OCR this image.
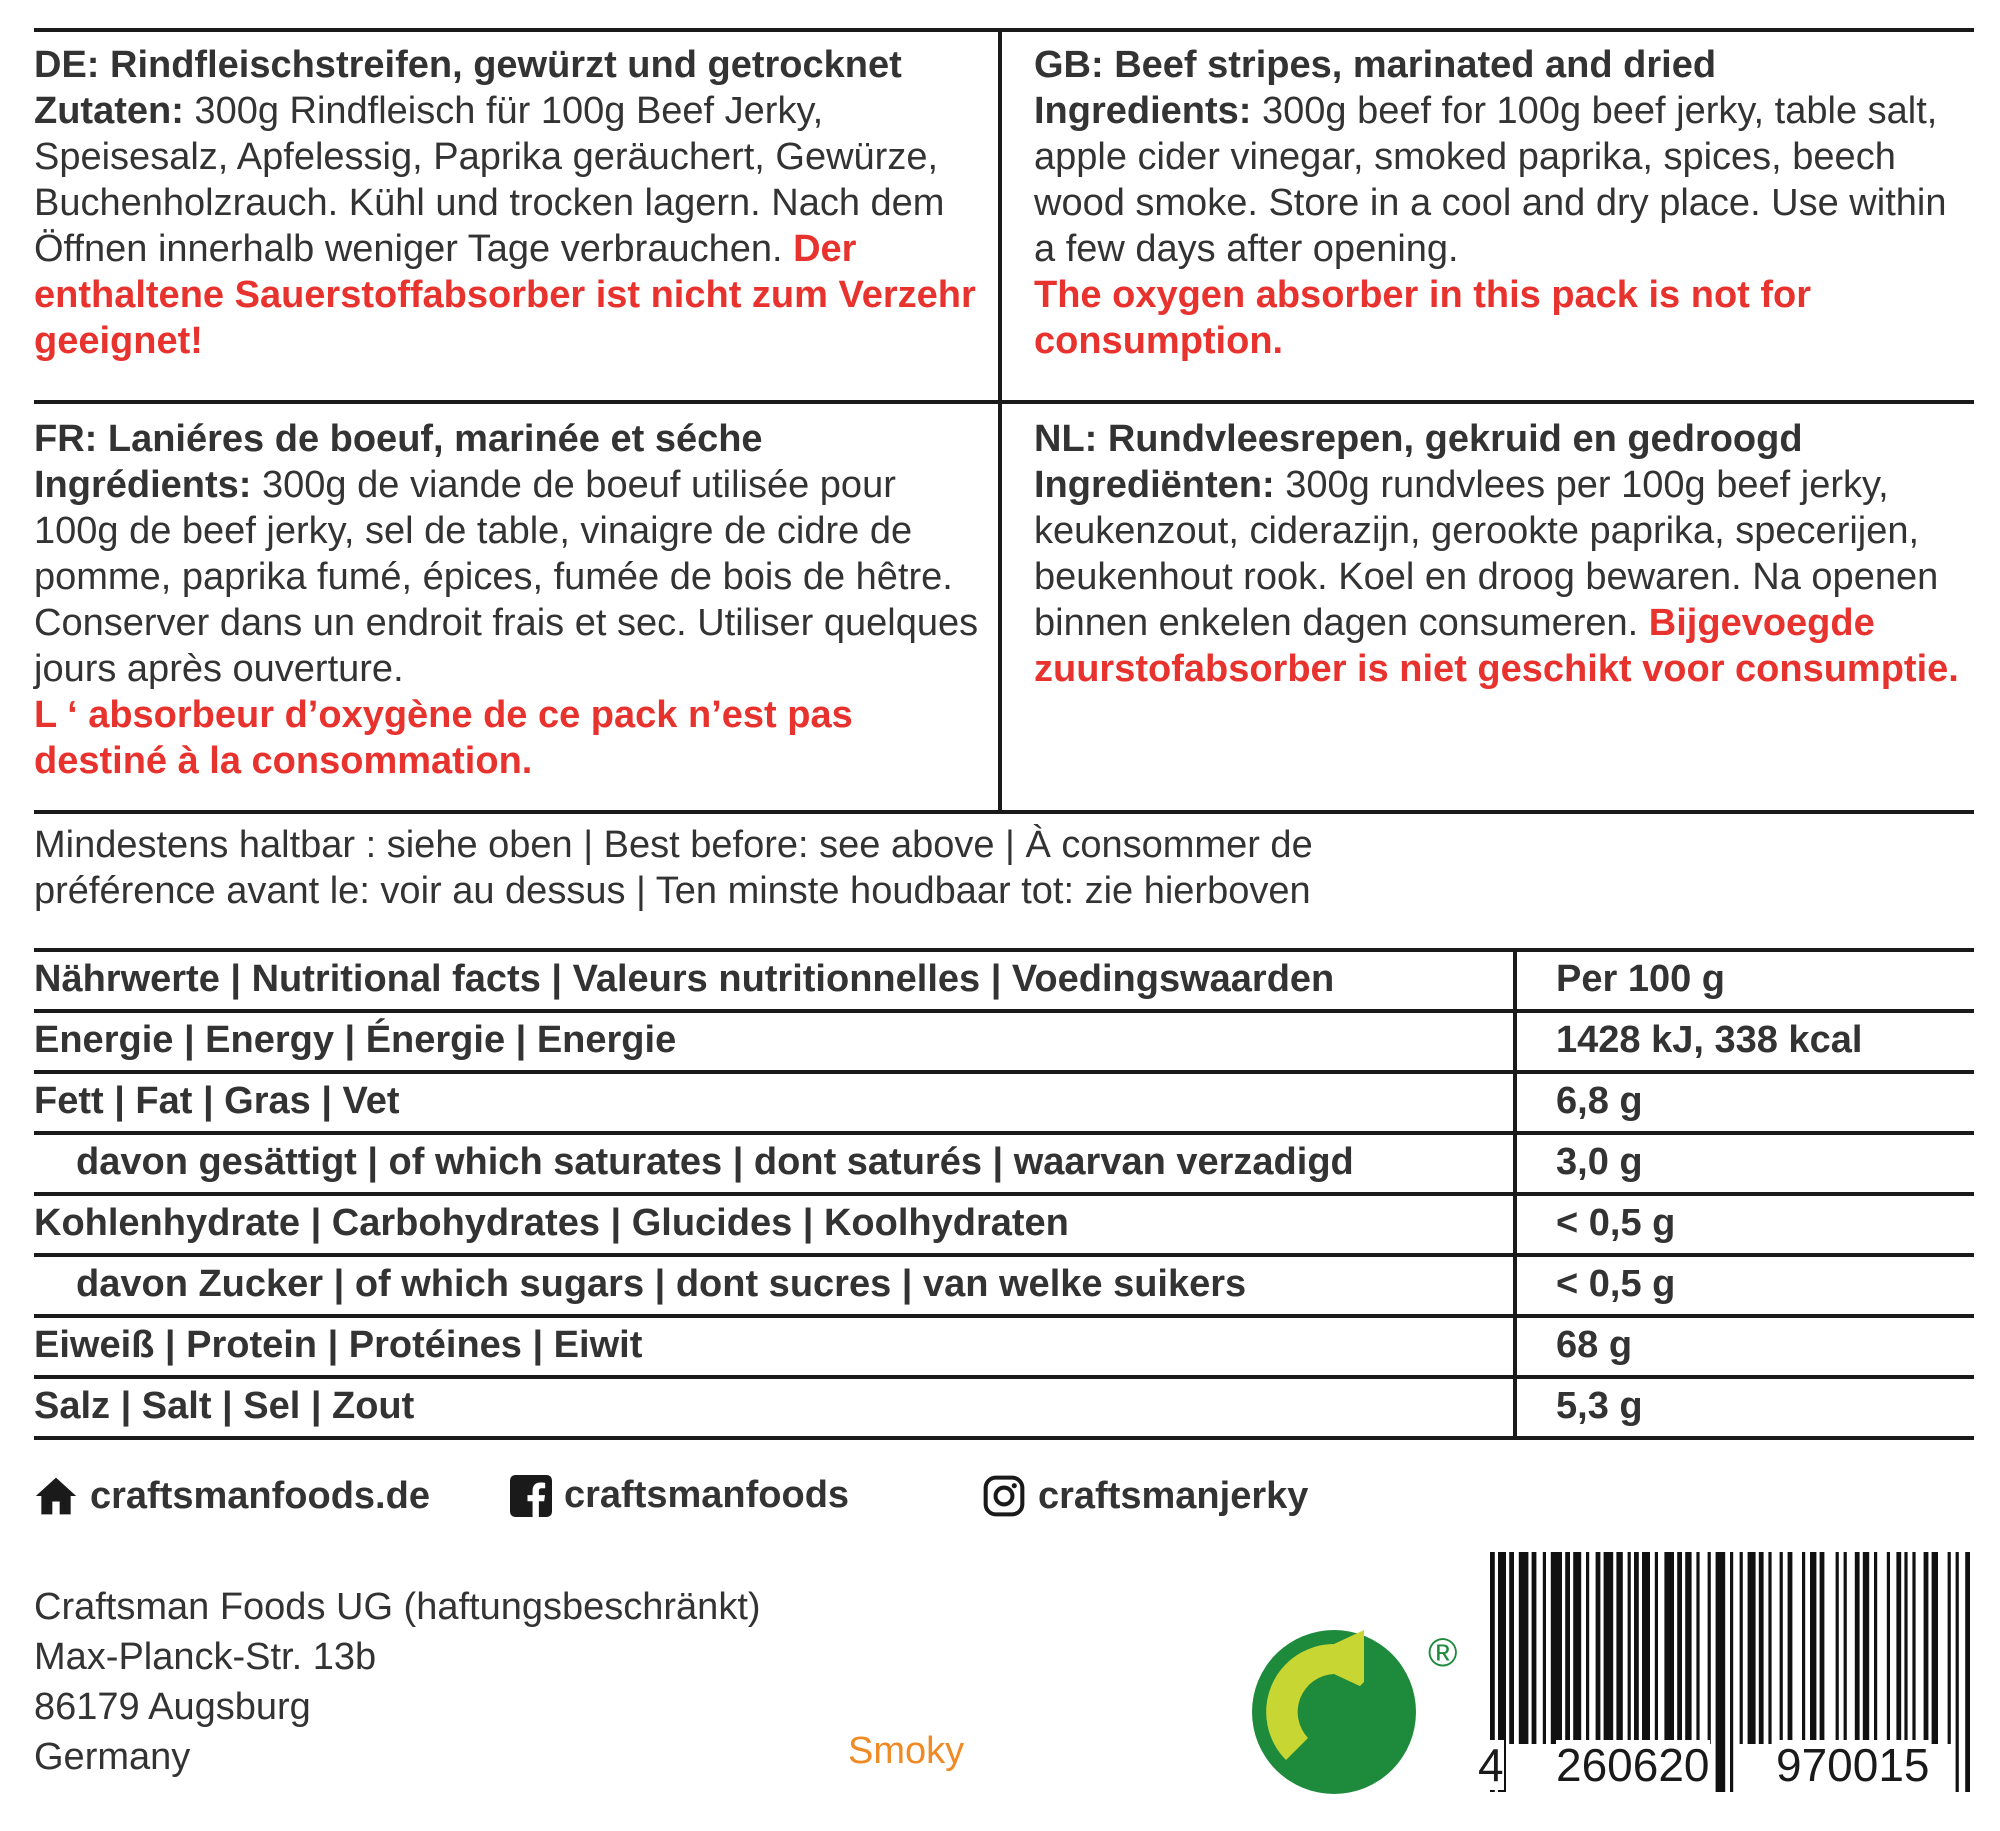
DE: Rindfleischstreifen, gewürzt und getrocknet
Zutaten: 300g Rindfleisch für 100g Beef Jerky, Speisesalz, Apfelessig, Paprika geräuchert, Gewürze, Buchenholzrauch. Kühl und trocken lagern. Nach dem Öffnen innerhalb weniger Tage verbrauchen. Der enthaltene Sauerstoffabsorber ist nicht zum Verzehr geeignet!
GB: Beef stripes, marinated and dried
Ingredients: 300g beef for 100g beef jerky, table salt, apple cider vinegar, smoked paprika, spices, beech wood smoke. Store in a cool and dry place. Use within a few days after opening.
The oxygen absorber in this pack is not for consumption.
FR: Laniéres de boeuf, marinée et séche
Ingrédients: 300g de viande de boeuf utilisée pour 100g de beef jerky, sel de table, vinaigre de cidre de pomme, paprika fumé, épices, fumée de bois de hêtre. Conserver dans un endroit frais et sec. Utiliser quelques jours après ouverture.
L ‘ absorbeur d’oxygène de ce pack n’est pas destiné à la consommation.
NL: Rundvleesrepen, gekruid en gedroogd
Ingrediënten: 300g rundvlees per 100g beef jerky, keukenzout, ciderazijn, gerookte paprika, specerijen, beukenhout rook. Koel en droog bewaren. Na openen binnen enkelen dagen consumeren. Bijgevoegde zuurstofabsorber is niet geschikt voor consumptie.
Mindestens haltbar : siehe oben | Best before: see above | À consommer de
préférence avant le: voir au dessus | Ten minste houdbaar tot: zie hierboven
Nährwerte | Nutritional facts | Valeurs nutritionnelles | Voedingswaarden	Per 100 g
Energie | Energy | Énergie | Energie	1428 kJ, 338 kcal
Fett | Fat | Gras | Vet	6,8 g
davon gesättigt | of which saturates | dont saturés | waarvan verzadigd	3,0 g
Kohlenhydrate | Carbohydrates | Glucides | Koolhydraten	< 0,5 g
davon Zucker | of which sugars | dont sucres | van welke suikers	< 0,5 g
Eiweiß | Protein | Protéines | Eiwit	68 g
Salz | Salt | Sel | Zout	5,3 g
craftsmanfoods.de	craftsmanfoods	craftsmanjerky
Craftsman Foods UG (haftungsbeschränkt)
Max-Planck-Str. 13b
86179 Augsburg
Germany	Smoky
®
4 260620 970015
